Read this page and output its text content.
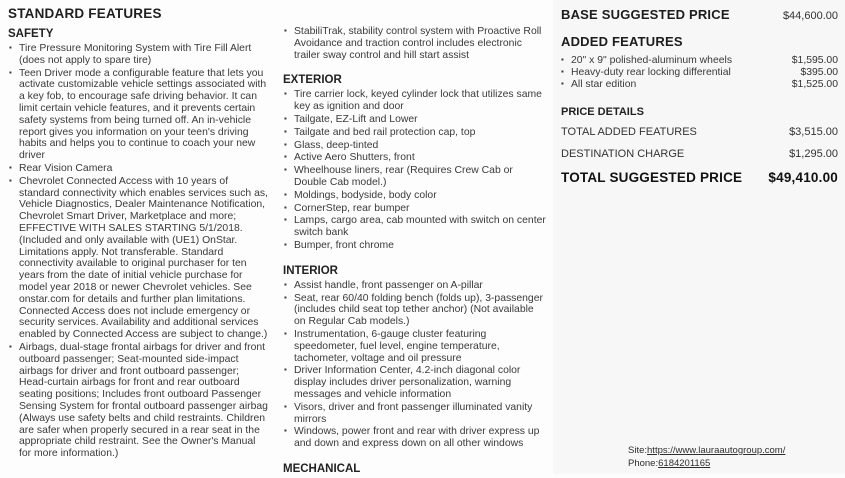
STANDARD FEATURES
SAFETY
▪ Tire Pressure Monitoring System with Tire Fill Alert (does not apply to spare tire)
▪ Teen Driver mode a configurable feature that lets you activate customizable vehicle settings associated with a key fob, to encourage safe driving behavior. It can limit certain vehicle features, and it prevents certain safety systems from being turned off. An in-vehicle report gives you information on your teen's driving habits and helps you to continue to coach your new driver
▪ Rear Vision Camera
▪ Chevrolet Connected Access with 10 years of standard connectivity which enables services such as, Vehicle Diagnostics, Dealer Maintenance Notification, Chevrolet Smart Driver, Marketplace and more; EFFECTIVE WITH SALES STARTING 5/1/2018. (Included and only available with (UE1) OnStar. Limitations apply. Not transferable. Standard connectivity available to original purchaser for ten years from the date of initial vehicle purchase for model year 2018 or newer Chevrolet vehicles. See onstar.com for details and further plan limitations. Connected Access does not include emergency or security services. Availability and additional services enabled by Connected Access are subject to change.)
▪ Airbags, dual-stage frontal airbags for driver and front outboard passenger; Seat-mounted side-impact airbags for driver and front outboard passenger; Head-curtain airbags for front and rear outboard seating positions; Includes front outboard Passenger Sensing System for frontal outboard passenger airbag (Always use safety belts and child restraints. Children are safer when properly secured in a rear seat in the appropriate child restraint. See the Owner's Manual for more information.)
▪ StabiliTrak, stability control system with Proactive Roll Avoidance and traction control includes electronic trailer sway control and hill start assist
EXTERIOR
▪ Tire carrier lock, keyed cylinder lock that utilizes same key as ignition and door
▪ Tailgate, EZ-Lift and Lower
▪ Tailgate and bed rail protection cap, top
▪ Glass, deep-tinted
▪ Active Aero Shutters, front
▪ Wheelhouse liners, rear (Requires Crew Cab or Double Cab model.)
▪ Moldings, bodyside, body color
▪ CornerStep, rear bumper
▪ Lamps, cargo area, cab mounted with switch on center switch bank
▪ Bumper, front chrome
INTERIOR
▪ Assist handle, front passenger on A-pillar
▪ Seat, rear 60/40 folding bench (folds up), 3-passenger (includes child seat top tether anchor) (Not available on Regular Cab models.)
▪ Instrumentation, 6-gauge cluster featuring speedometer, fuel level, engine temperature, tachometer, voltage and oil pressure
▪ Driver Information Center, 4.2-inch diagonal color display includes driver personalization, warning messages and vehicle information
▪ Visors, driver and front passenger illuminated vanity mirrors
▪ Windows, power front and rear with driver express up and down and express down on all other windows
MECHANICAL
BASE SUGGESTED PRICE	$44,600.00
ADDED FEATURES
▪ 20" x 9" polished-aluminum wheels	$1,595.00
▪ Heavy-duty rear locking differential	$395.00
▪ All star edition	$1,525.00
PRICE DETAILS
TOTAL ADDED FEATURES	$3,515.00
DESTINATION CHARGE	$1,295.00
TOTAL SUGGESTED PRICE $49,410.00
Site:https://www.lauraautogroup.com/
Phone:6184201165
